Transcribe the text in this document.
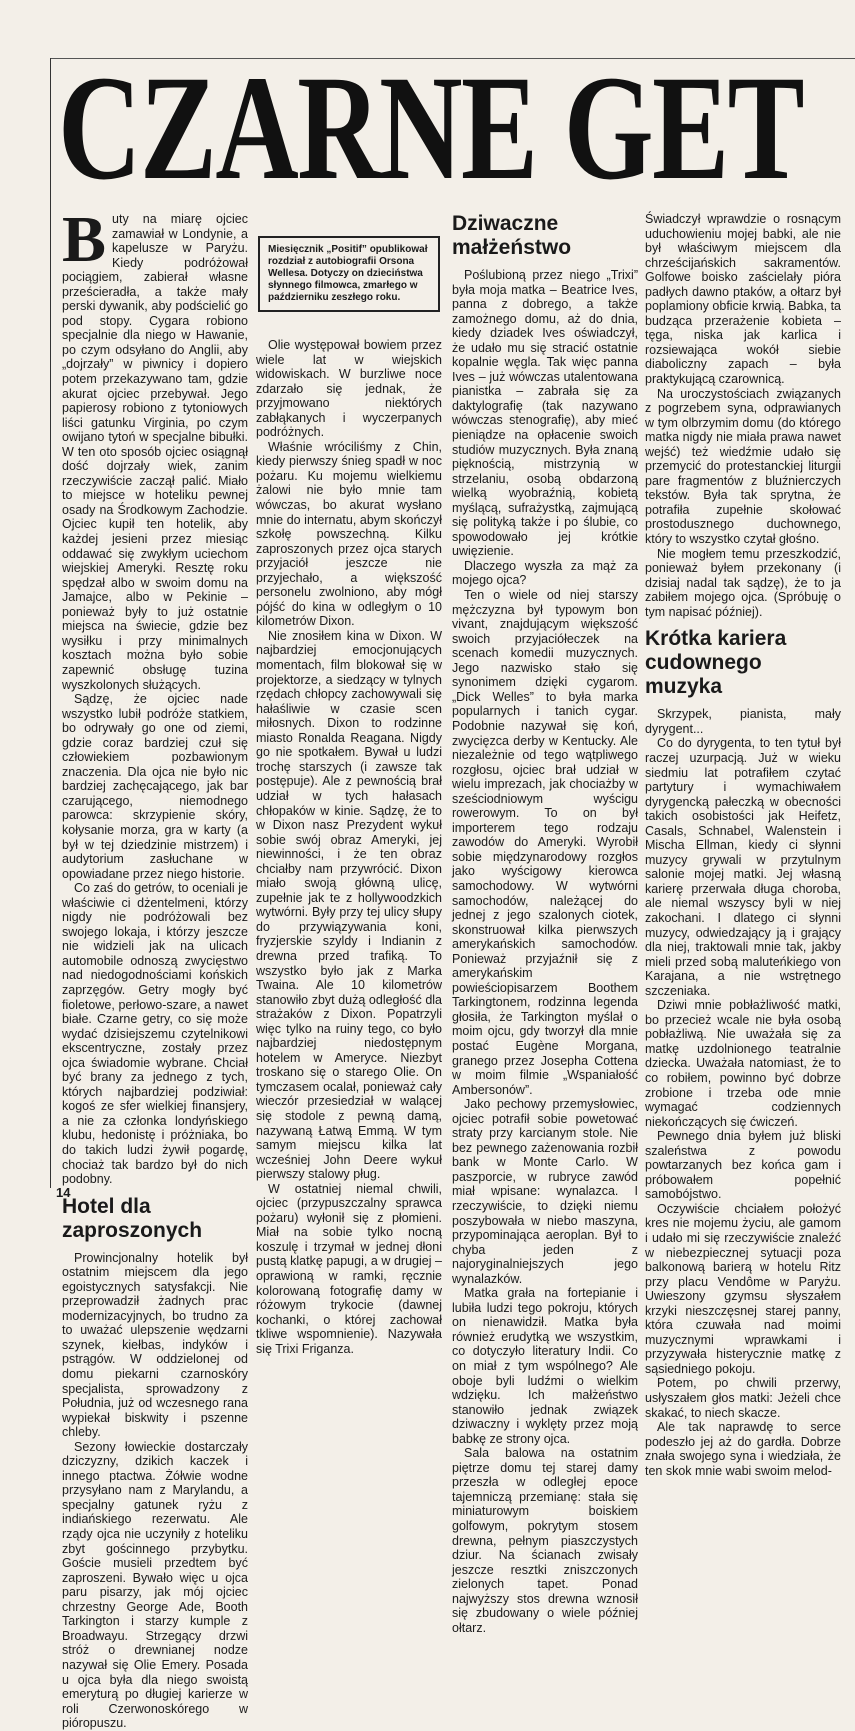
CZARNE GET

Buty na miarę ojciec zamawiał w Londynie, a kapelusze w Paryżu. Kiedy podróżował pociągiem, zabierał własne prześcieradła, a także mały perski dywanik, aby podścielić go pod stopy. Cygara robiono specjalnie dla niego w Hawanie, po czym odsyłano do Anglii, aby „dojrzały” w piwnicy i dopiero potem przekazywano tam, gdzie akurat ojciec przebywał. Jego papierosy robiono z tytoniowych liści gatunku Virginia, po czym owijano tytoń w specjalne bibułki. W ten oto sposób ojciec osiągnął dość dojrzały wiek, zanim rzeczywiście zaczął palić. Miało to miejsce w hoteliku pewnej osady na Środkowym Zachodzie. Ojciec kupił ten hotelik, aby każdej jesieni przez miesiąc oddawać się zwykłym uciechom wiejskiej Ameryki. Resztę roku spędzał albo w swoim domu na Jamajce, albo w Pekinie – ponieważ były to już ostatnie miejsca na świecie, gdzie bez wysiłku i przy minimalnych kosztach można było sobie zapewnić obsługę tuzina wyszkolonych służących.

Sądzę, że ojciec nade wszystko lubił podróże statkiem, bo odrywały go one od ziemi, gdzie coraz bardziej czuł się człowiekiem pozbawionym znaczenia. Dla ojca nie było nic bardziej zachęcającego, jak bar czarującego, niemodnego parowca: skrzypienie skóry, kołysanie morza, gra w karty (a był w tej dziedzinie mistrzem) i audytorium zasłuchane w opowiadane przez niego historie.

Co zaś do getrów, to oceniali je właściwie ci dżentelmeni, którzy nigdy nie podróżowali bez swojego lokaja, i którzy jeszcze nie widzieli jak na ulicach automobile odnoszą zwycięstwo nad niedogodnościami końskich zaprzęgów. Getry mogły być fioletowe, perłowo-szare, a nawet białe. Czarne getry, co się może wydać dzisiejszemu czytelnikowi ekscentryczne, zostały przez ojca świadomie wybrane. Chciał być brany za jednego z tych, których najbardziej podziwiał: kogoś ze sfer wielkiej finansjery, a nie za członka londyńskiego klubu, hedonistę i próżniaka, bo do takich ludzi żywił pogardę, chociaż tak bardzo był do nich podobny.

Hotel dla zaproszonych

Prowincjonalny hotelik był ostatnim miejscem dla jego egoistycznych satysfakcji. Nie przeprowadził żadnych prac modernizacyjnych, bo trudno za to uważać ulepszenie wędzarni szynek, kiełbas, indyków i pstrągów. W oddzielonej od domu piekarni czarnoskóry specjalista, sprowadzony z Południa, już od wczesnego rana wypiekał biskwity i pszenne chleby.

Sezony łowieckie dostarczały dziczyzny, dzikich kaczek i innego ptactwa. Żółwie wodne przysyłano nam z Marylandu, a specjalny gatunek ryżu z indiańskiego rezerwatu. Ale rządy ojca nie uczyniły z hoteliku zbyt gościnnego przybytku. Goście musieli przedtem być zaproszeni. Bywało więc u ojca paru pisarzy, jak mój ojciec chrzestny George Ade, Booth Tarkington i starzy kumple z Broadwayu. Strzegący drzwi stróż o drewnianej nodze nazywał się Olie Emery. Posada u ojca była dla niego swoistą emeryturą po długiej karierze w roli Czerwonoskórego w pióropuszu.

Miesięcznik „Positif” opublikował rozdział z autobiografii Orsona Wellesa. Dotyczy on dzieciństwa słynnego filmowca, zmarłego w październiku zeszłego roku.

Olie występował bowiem przez wiele lat w wiejskich widowiskach. W burzliwe noce zdarzało się jednak, że przyjmowano niektórych zabłąkanych i wyczerpanych podróżnych.

Właśnie wróciliśmy z Chin, kiedy pierwszy śnieg spadł w noc pożaru. Ku mojemu wielkiemu żalowi nie było mnie tam wówczas, bo akurat wysłano mnie do internatu, abym skończył szkołę powszechną. Kilku zaproszonych przez ojca starych przyjaciół jeszcze nie przyjechało, a większość personelu zwolniono, aby mógł pójść do kina w odległym o 10 kilometrów Dixon.

Nie znosiłem kina w Dixon. W najbardziej emocjonujących momentach, film blokował się w projektorze, a siedzący w tylnych rzędach chłopcy zachowywali się hałaśliwie w czasie scen miłosnych. Dixon to rodzinne miasto Ronalda Reagana. Nigdy go nie spotkałem. Bywał u ludzi trochę starszych (i zawsze tak postępuje). Ale z pewnością brał udział w tych hałasach chłopaków w kinie. Sądzę, że to w Dixon nasz Prezydent wykuł sobie swój obraz Ameryki, jej niewinności, i że ten obraz chciałby nam przywrócić. Dixon miało swoją główną ulicę, zupełnie jak te z hollywoodzkich wytwórni. Były przy tej ulicy słupy do przywiązywania koni, fryzjerskie szyldy i Indianin z drewna przed trafiką. To wszystko było jak z Marka Twaina. Ale 10 kilometrów stanowiło zbyt dużą odległość dla strażaków z Dixon. Popatrzyli więc tylko na ruiny tego, co było najbardziej niedostępnym hotelem w Ameryce. Niezbyt troskano się o starego Olie. On tymczasem ocalał, ponieważ cały wieczór przesiedział w walącej się stodole z pewną damą, nazywaną Łatwą Emmą. W tym samym miejscu kilka lat wcześniej John Deere wykuł pierwszy stalowy pług.

W ostatniej niemal chwili, ojciec (przypuszczalny sprawca pożaru) wyłonił się z płomieni. Miał na sobie tylko nocną koszulę i trzymał w jednej dłoni pustą klatkę papugi, a w drugiej – oprawioną w ramki, ręcznie kolorowaną fotografię damy w różowym trykocie (dawnej kochanki, o której zachował tkliwe wspomnienie). Nazywała się Trixi Friganza.

Dziwaczne małżeństwo

Poślubioną przez niego „Trixi” była moja matka – Beatrice Ives, panna z dobrego, a także zamożnego domu, aż do dnia, kiedy dziadek Ives oświadczył, że udało mu się stracić ostatnie kopalnie węgla. Tak więc panna Ives – już wówczas utalentowana pianistka – zabrała się za daktylografię (tak nazywano wówczas stenografię), aby mieć pieniądze na opłacenie swoich studiów muzycznych. Była znaną pięknością, mistrzynią w strzelaniu, osobą obdarzoną wielką wyobraźnią, kobietą myślącą, sufrażystką, zajmującą się polityką także i po ślubie, co spowodowało jej krótkie uwięzienie.

Dlaczego wyszła za mąż za mojego ojca?

Ten o wiele od niej starszy mężczyzna był typowym bon vivant, znajdującym większość swoich przyjaciółeczek na scenach komedii muzycznych. Jego nazwisko stało się synonimem dzięki cygarom. „Dick Welles” to była marka popularnych i tanich cygar. Podobnie nazywał się koń, zwycięzca derby w Kentucky. Ale niezależnie od tego wątpliwego rozgłosu, ojciec brał udział w wielu imprezach, jak chociażby w sześciodniowym wyścigu rowerowym. To on był importerem tego rodzaju zawodów do Ameryki. Wyrobił sobie międzynarodowy rozgłos jako wyścigowy kierowca samochodowy. W wytwórni samochodów, należącej do jednej z jego szalonych ciotek, skonstruował kilka pierwszych amerykańskich samochodów. Ponieważ przyjaźnił się z amerykańskim powieściopisarzem Boothem Tarkingtonem, rodzinna legenda głosiła, że Tarkington myślał o moim ojcu, gdy tworzył dla mnie postać Eugène Morgana, granego przez Josepha Cottena w moim filmie „Wspaniałość Ambersonów”.

Jako pechowy przemysłowiec, ojciec potrafił sobie powetować straty przy karcianym stole. Nie bez pewnego zażenowania rozbił bank w Monte Carlo. W paszporcie, w rubryce zawód miał wpisane: wynalazca. I rzeczywiście, to dzięki niemu poszybowała w niebo maszyna, przypominająca aeroplan. Był to chyba jeden z najoryginalniejszych jego wynalazków.

Matka grała na fortepianie i lubiła ludzi tego pokroju, których on nienawidził. Matka była również erudytką we wszystkim, co dotyczyło literatury Indii. Co on miał z tym wspólnego? Ale oboje byli ludźmi o wielkim wdzięku. Ich małżeństwo stanowiło jednak związek dziwaczny i wyklęty przez moją babkę ze strony ojca.

Sala balowa na ostatnim piętrze domu tej starej damy przeszła w odległej epoce tajemniczą przemianę: stała się miniaturowym boiskiem golfowym, pokrytym stosem drewna, pełnym piaszczystych dziur. Na ścianach zwisały jeszcze resztki zniszczonych zielonych tapet. Ponad najwyższy stos drewna wznosił się zbudowany o wiele później ołtarz.

Świadczył wprawdzie o rosnącym uduchowieniu mojej babki, ale nie był właściwym miejscem dla chrześcijańskich sakramentów. Golfowe boisko zaścielały pióra padłych dawno ptaków, a ołtarz był poplamiony obficie krwią. Babka, ta budząca przerażenie kobieta – tęga, niska jak karlica i rozsiewająca wokół siebie diaboliczny zapach – była praktykującą czarownicą.

Na uroczystościach związanych z pogrzebem syna, odprawianych w tym olbrzymim domu (do którego matka nigdy nie miała prawa nawet wejść) też wiedźmie udało się przemycić do protestanckiej liturgii pare fragmentów z bluźnierczych tekstów. Była tak sprytna, że potrafiła zupełnie skołować prostodusznego duchownego, który to wszystko czytał głośno.

Nie mogłem temu przeszkodzić, ponieważ byłem przekonany (i dzisiaj nadal tak sądzę), że to ja zabiłem mojego ojca. (Spróbuję o tym napisać później).

Krótka kariera cudownego muzyka

Skrzypek, pianista, mały dyrygent...

Co do dyrygenta, to ten tytuł był raczej uzurpacją. Już w wieku siedmiu lat potrafiłem czytać partytury i wymachiwałem dyrygencką pałeczką w obecności takich osobistości jak Heifetz, Casals, Schnabel, Walenstein i Mischa Ellman, kiedy ci słynni muzycy grywali w przytulnym salonie mojej matki. Jej własną karierę przerwała długa choroba, ale niemal wszyscy byli w niej zakochani. I dlatego ci słynni muzycy, odwiedzający ją i grający dla niej, traktowali mnie tak, jakby mieli przed sobą maluteńkiego von Karajana, a nie wstrętnego szczeniaka.

Dziwi mnie pobłażliwość matki, bo przecież wcale nie była osobą pobłażliwą. Nie uważała się za matkę uzdolnionego teatralnie dziecka. Uważała natomiast, że to co robiłem, powinno być dobrze zrobione i trzeba ode mnie wymagać codziennych niekończących się ćwiczeń.

Pewnego dnia byłem już bliski szaleństwa z powodu powtarzanych bez końca gam i próbowałem popełnić samobójstwo.

Oczywiście chciałem położyć kres nie mojemu życiu, ale gamom i udało mi się rzeczywiście znaleźć w niebezpiecznej sytuacji poza balkonową barierą w hotelu Ritz przy placu Vendôme w Paryżu. Uwieszony gzymsu słyszałem krzyki nieszczęsnej starej panny, która czuwała nad moimi muzycznymi wprawkami i przyzywała histerycznie matkę z sąsiedniego pokoju.

Potem, po chwili przerwy, usłyszałem głos matki: Jeżeli chce skakać, to niech skacze.

Ale tak naprawdę to serce podeszło jej aż do gardła. Dobrze znała swojego syna i wiedziała, że ten skok mnie wabi swoim melod-

14
